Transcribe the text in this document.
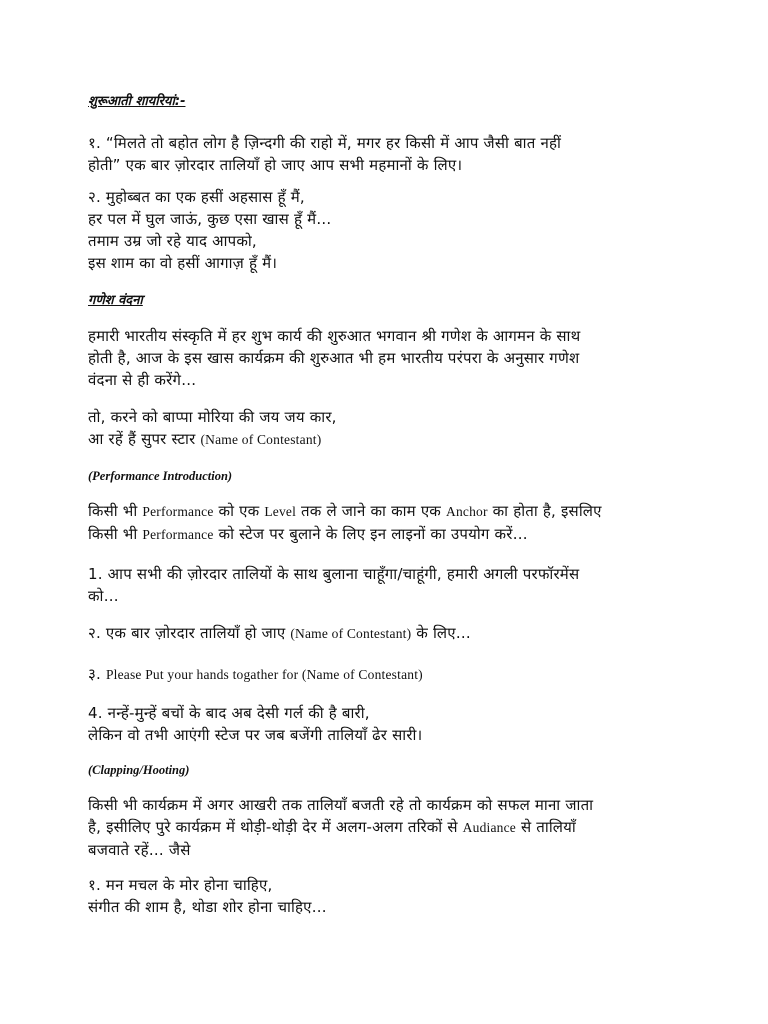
शुरूआती शायरियां:-
१. “मिलते तो बहोत लोग है ज़िन्दगी की राहो में, मगर हर किसी में आप जैसी बात नहीं
होती” एक बार ज़ोरदार तालियाँ हो जाए आप सभी महमानों के लिए।
२. मुहोब्बत का एक हसीं अहसास हूँ मैं,
हर पल में घुल जाऊं, कुछ एसा खास हूँ मैं…
तमाम उम्र जो रहे याद आपको,
इस शाम का वो हसीं आगाज़ हूँ मैं।
गणेश वंदना
हमारी भारतीय संस्कृति में हर शुभ कार्य की शुरुआत भगवान श्री गणेश के आगमन के साथ
होती है, आज के इस खास कार्यक्रम की शुरुआत भी हम भारतीय परंपरा के अनुसार गणेश
वंदना से ही करेंगे…
तो, करने को बाप्पा मोरिया की जय जय कार,
आ रहें हैं सुपर स्टार (Name of Contestant)
(Performance Introduction)
किसी भी Performance को एक Level तक ले जाने का काम एक Anchor का होता है, इसलिए
किसी भी Performance को स्टेज पर बुलाने के लिए इन लाइनों का उपयोग करें…
1. आप सभी की ज़ोरदार तालियों के साथ बुलाना चाहूँगा/चाहूंगी, हमारी अगली परफॉरमेंस
को…
२. एक बार ज़ोरदार तालियाँ हो जाए (Name of Contestant) के लिए…
३. Please Put your hands togather for (Name of Contestant)
4. नन्हें-मुन्हें बचों के बाद अब देसी गर्ल की है बारी,
लेकिन वो तभी आएंगी स्टेज पर जब बजेंगी तालियाँ ढेर सारी।
(Clapping/Hooting)
किसी भी कार्यक्रम में अगर आखरी तक तालियाँ बजती रहे तो कार्यक्रम को सफल माना जाता
है, इसीलिए पुरे कार्यक्रम में थोड़ी-थोड़ी देर में अलग-अलग तरिकों से Audiance से तालियाँ
बजवाते रहें… जैसे
१. मन मचल के मोर होना चाहिए,
संगीत की शाम है, थोडा शोर होना चाहिए…
